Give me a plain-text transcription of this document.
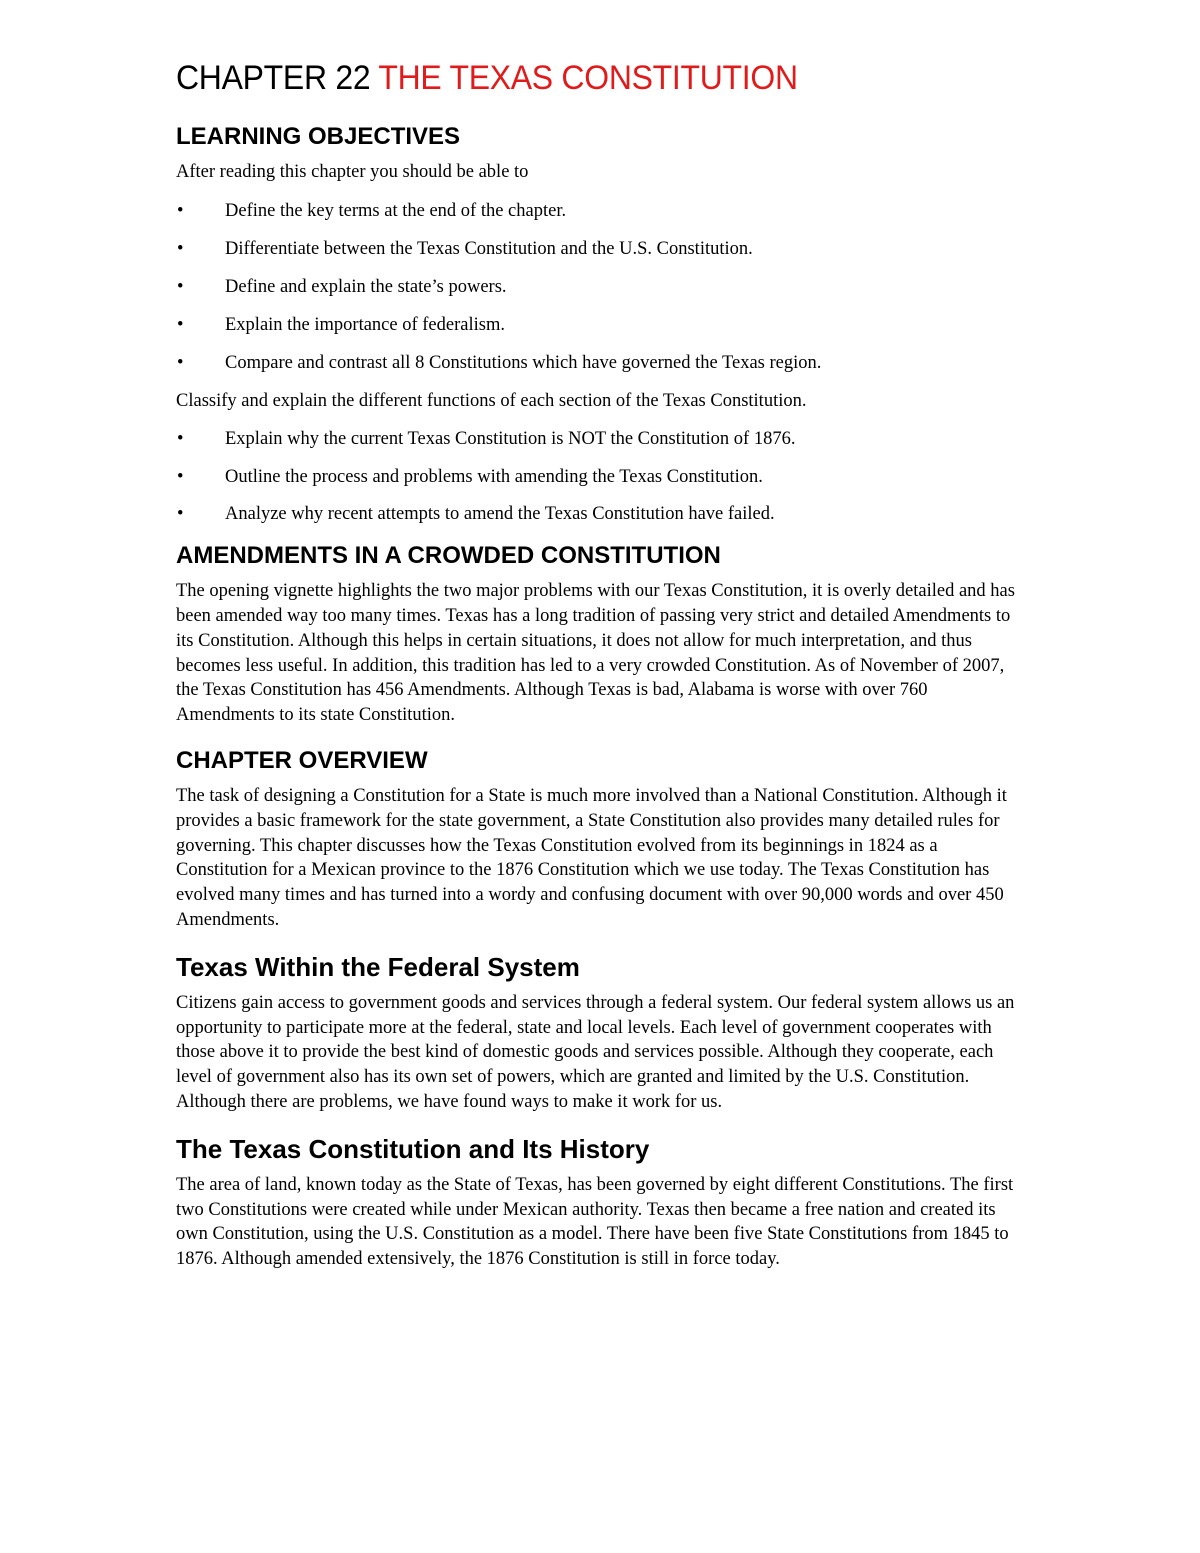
CHAPTER 22 THE TEXAS CONSTITUTION
LEARNING OBJECTIVES

After reading this chapter you should be able to

• Define the key terms at the end of the chapter.
• Differentiate between the Texas Constitution and the U.S. Constitution.
• Define and explain the state’s powers.
• Explain the importance of federalism.
• Compare and contrast all 8 Constitutions which have governed the Texas region.

Classify and explain the different functions of each section of the Texas Constitution.

• Explain why the current Texas Constitution is NOT the Constitution of 1876.
• Outline the process and problems with amending the Texas Constitution.
• Analyze why recent attempts to amend the Texas Constitution have failed.
AMENDMENTS IN A CROWDED CONSTITUTION

The opening vignette highlights the two major problems with our Texas Constitution, it is overly detailed and has been amended way too many times. Texas has a long tradition of passing very strict and detailed Amendments to its Constitution. Although this helps in certain situations, it does not allow for much interpretation, and thus becomes less useful. In addition, this tradition has led to a very crowded Constitution. As of November of 2007, the Texas Constitution has 456 Amendments. Although Texas is bad, Alabama is worse with over 760 Amendments to its state Constitution.

CHAPTER OVERVIEW

The task of designing a Constitution for a State is much more involved than a National Constitution. Although it provides a basic framework for the state government, a State Constitution also provides many detailed rules for governing. This chapter discusses how the Texas Constitution evolved from its beginnings in 1824 as a Constitution for a Mexican province to the 1876 Constitution which we use today. The Texas Constitution has evolved many times and has turned into a wordy and confusing document with over 90,000 words and over 450 Amendments.

Texas Within the Federal System

Citizens gain access to government goods and services through a federal system. Our federal system allows us an opportunity to participate more at the federal, state and local levels. Each level of government cooperates with those above it to provide the best kind of domestic goods and services possible. Although they cooperate, each level of government also has its own set of powers, which are granted and limited by the U.S. Constitution. Although there are problems, we have found ways to make it work for us.

The Texas Constitution and Its History

The area of land, known today as the State of Texas, has been governed by eight different Constitutions. The first two Constitutions were created while under Mexican authority. Texas then became a free nation and created its own Constitution, using the U.S. Constitution as a model. There have been five State Constitutions from 1845 to 1876. Although amended extensively, the 1876 Constitution is still in force today.
